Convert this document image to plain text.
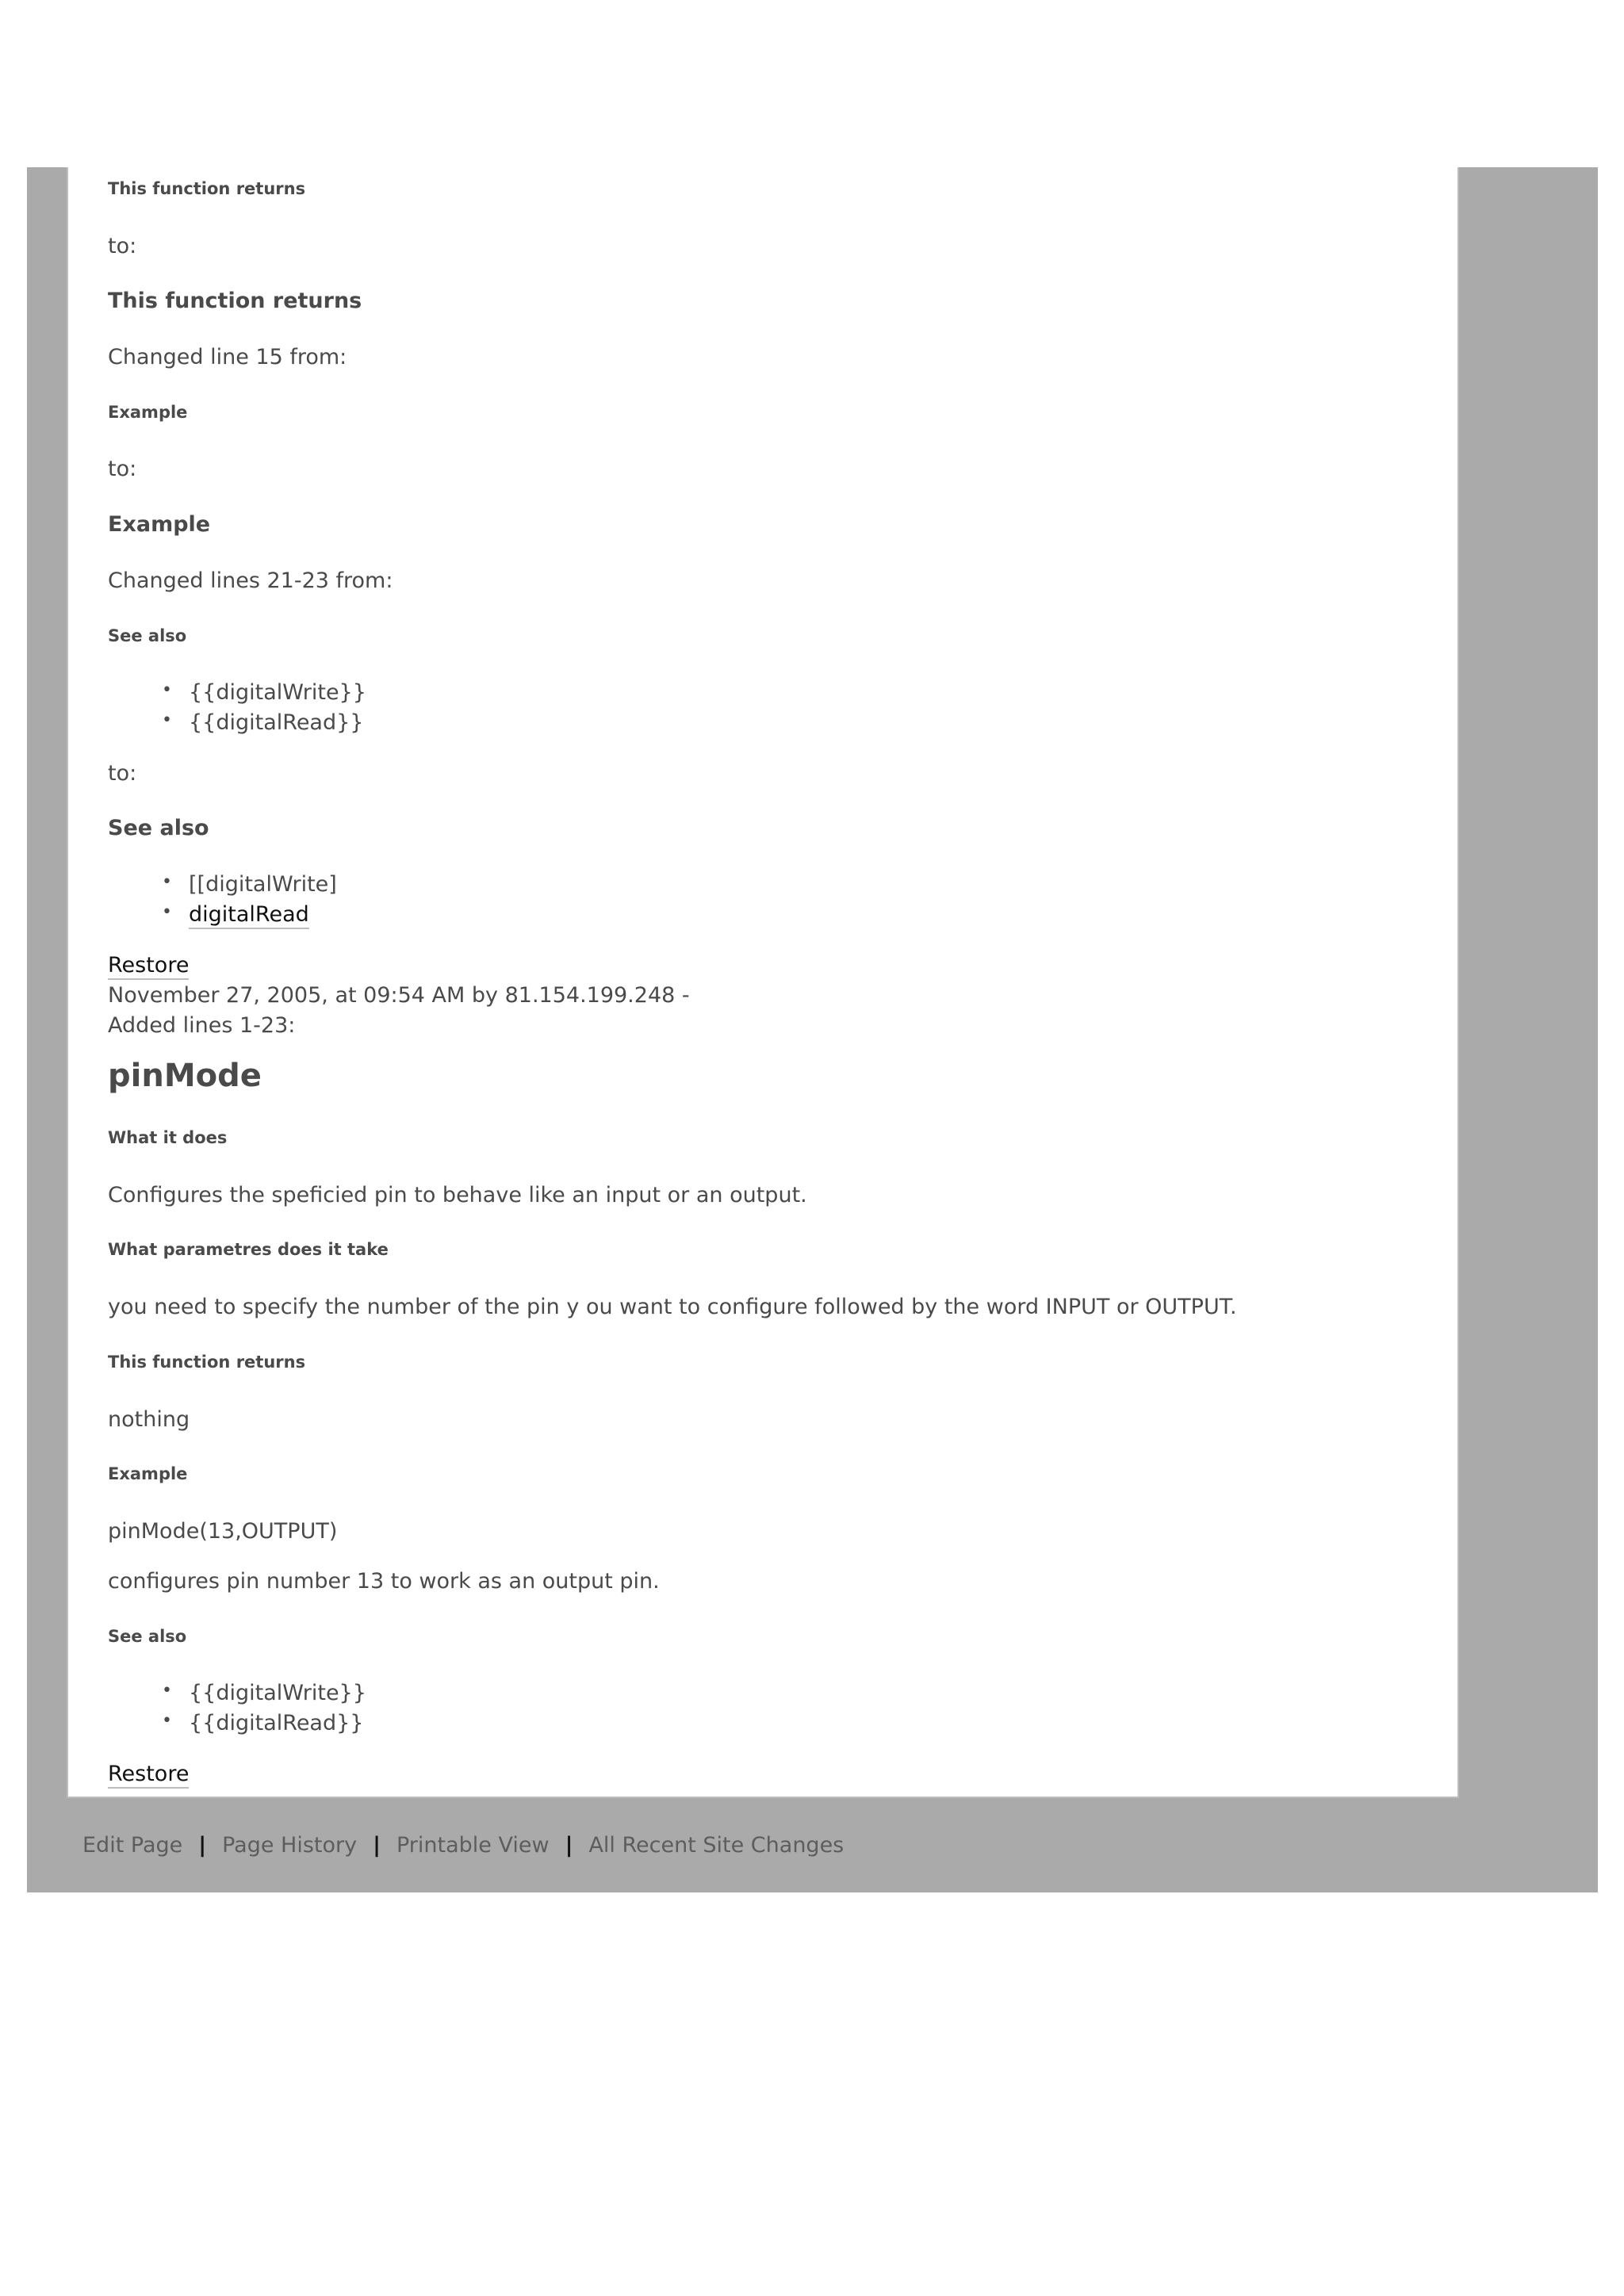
This function returns
to:
This function returns
Changed line 15 from:
Example
to:
Example
Changed lines 21-23 from:
See also
• {{digitalWrite}}
• {{digitalRead}}
to:
See also
• [[digitalWrite]
• digitalRead
Restore
November 27, 2005, at 09:54 AM by 81.154.199.248 -
Added lines 1-23:
pinMode
What it does
Configures the speficied pin to behave like an input or an output.
What parametres does it take
you need to specify the number of the pin y ou want to configure followed by the word INPUT or OUTPUT.
This function returns
nothing
Example
pinMode(13,OUTPUT)
configures pin number 13 to work as an output pin.
See also
• {{digitalWrite}}
• {{digitalRead}}
Restore
Edit Page | Page History | Printable View | All Recent Site Changes
